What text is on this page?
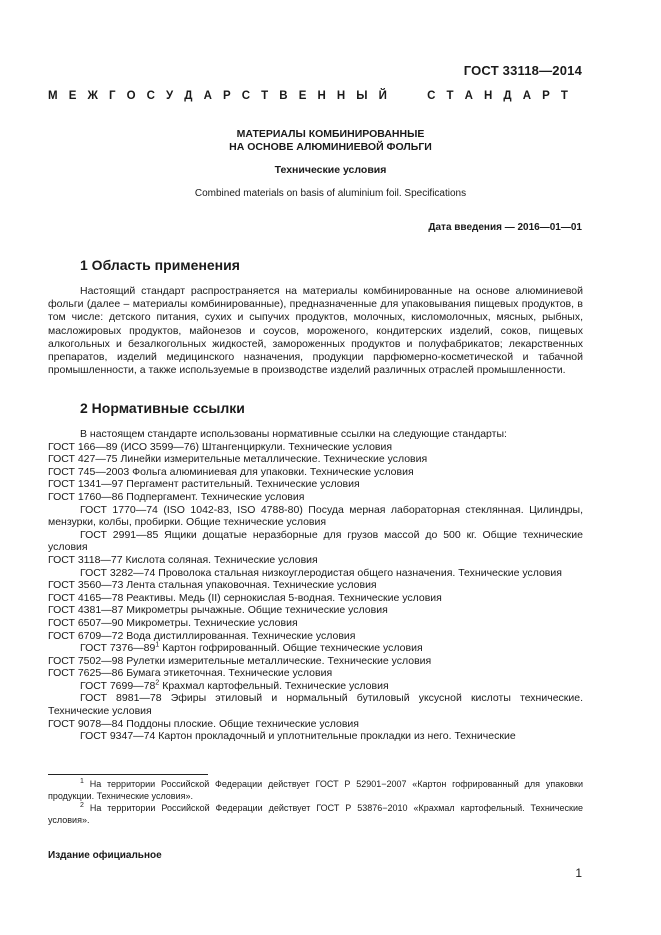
ГОСТ 33118—2014
М Е Ж Г О С У Д А Р С Т В Е Н Н Ы Й	С Т А Н Д А Р Т
МАТЕРИАЛЫ КОМБИНИРОВАННЫЕ
НА ОСНОВЕ АЛЮМИНИЕВОЙ ФОЛЬГИ
Технические условия
Combined materials on basis of aluminium foil. Specifications
Дата введения — 2016—01—01
1 Область применения

Настоящий стандарт распространяется на материалы комбинированные на основе алюминиевой фольги (далее – материалы комбинированные), предназначенные для упаковывания пищевых продуктов, в том числе: детского питания, сухих и сыпучих продуктов, молочных, кисломолочных, мясных, рыбных, масложировых продуктов, майонезов и соусов, мороженого, кондитерских изделий, соков, пищевых алкогольных и безалкогольных жидкостей, замороженных продуктов и полуфабрикатов; лекарственных препаратов, изделий медицинского назначения, продукции парфюмерно-косметической и табачной промышленности, а также используемые в производстве изделий различных отраслей промышленности.

2 Нормативные ссылки

В настоящем стандарте использованы нормативные ссылки на следующие стандарты:

ГОСТ 166—89 (ИСО 3599—76) Штангенциркули. Технические условия

ГОСТ 427—75 Линейки измерительные металлические. Технические условия

ГОСТ 745—2003 Фольга алюминиевая для упаковки. Технические условия

ГОСТ 1341—97 Пергамент растительный. Технические условия

ГОСТ 1760—86 Подпергамент. Технические условия

ГОСТ 1770—74 (ISO 1042-83, ISO 4788-80) Посуда мерная лабораторная стеклянная. Цилиндры, мензурки, колбы, пробирки. Общие технические условия

ГОСТ 2991—85 Ящики дощатые неразборные для грузов массой до 500 кг. Общие технические условия

ГОСТ 3118—77 Кислота соляная. Технические условия

ГОСТ 3282—74 Проволока стальная низкоуглеродистая общего назначения. Технические условия

ГОСТ 3560—73 Лента стальная упаковочная. Технические условия

ГОСТ 4165—78 Реактивы. Медь (II) сернокислая 5-водная. Технические условия

ГОСТ 4381—87 Микрометры рычажные. Общие технические условия

ГОСТ 6507—90 Микрометры. Технические условия

ГОСТ 6709—72 Вода дистиллированная. Технические условия

ГОСТ $7376—89^1$ Картон гофрированный. Общие технические условия

ГОСТ 7502—98 Рулетки измерительные металлические. Технические условия

ГОСТ 7625—86 Бумага этикеточная. Технические условия

ГОСТ $7699—78^2$ Крахмал картофельный. Технические условия

ГОСТ 8981—78 Эфиры этиловый и нормальный бутиловый уксусной кислоты технические. Технические условия

ГОСТ 9078—84 Поддоны плоские. Общие технические условия

ГОСТ 9347—74 Картон прокладочный и уплотнительные прокладки из него. Технические

$^1$ На территории Российской Федерации действует ГОСТ Р 52901−2007 «Картон гофрированный для упаковки продукции. Технические условия».

$^2$ На территории Российской Федерации действует ГОСТ Р 53876−2010 «Крахмал картофельный. Технические условия».

Издание официальное
1
